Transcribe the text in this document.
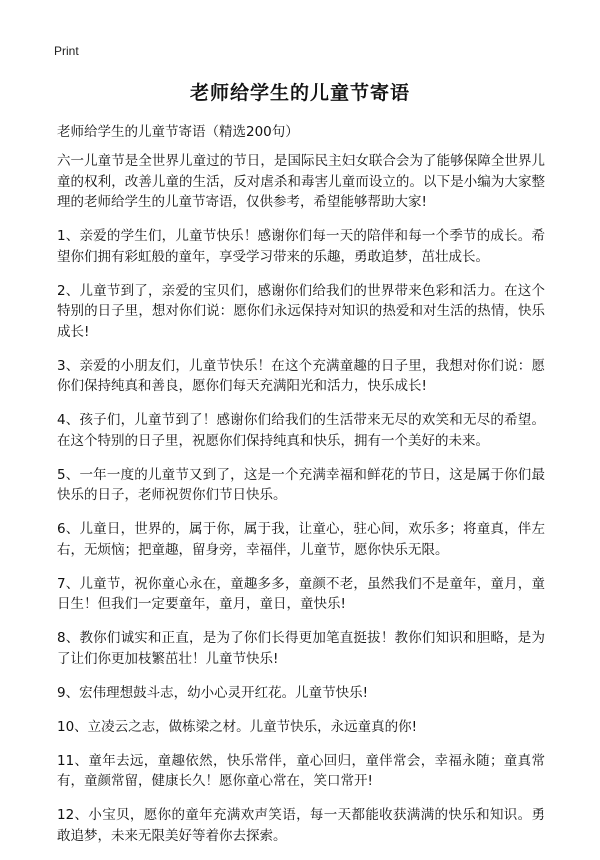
Print
老师给学生的儿童节寄语
老师给学生的儿童节寄语（精选200句）

六一儿童节是全世界儿童过的节日，是国际民主妇女联合会为了能够保障全世界儿童的权利，改善儿童的生活，反对虐杀和毒害儿童而设立的。以下是小编为大家整理的老师给学生的儿童节寄语，仅供参考，希望能够帮助大家!

1、亲爱的学生们，儿童节快乐！感谢你们每一天的陪伴和每一个季节的成长。希望你们拥有彩虹般的童年，享受学习带来的乐趣，勇敢追梦，茁壮成长。

2、儿童节到了，亲爱的宝贝们，感谢你们给我们的世界带来色彩和活力。在这个特别的日子里，想对你们说：愿你们永远保持对知识的热爱和对生活的热情，快乐成长!

3、亲爱的小朋友们，儿童节快乐！在这个充满童趣的日子里，我想对你们说：愿你们保持纯真和善良，愿你们每天充满阳光和活力，快乐成长!

4、孩子们，儿童节到了！感谢你们给我们的生活带来无尽的欢笑和无尽的希望。在这个特别的日子里，祝愿你们保持纯真和快乐，拥有一个美好的未来。

5、一年一度的儿童节又到了，这是一个充满幸福和鲜花的节日，这是属于你们最快乐的日子，老师祝贺你们节日快乐。

6、儿童日，世界的，属于你，属于我，让童心，驻心间，欢乐多；将童真，伴左右，无烦恼；把童趣，留身旁，幸福伴，儿童节，愿你快乐无限。

7、儿童节，祝你童心永在，童趣多多，童颜不老，虽然我们不是童年，童月，童日生！但我们一定要童年，童月，童日，童快乐!

8、教你们诚实和正直，是为了你们长得更加笔直挺拔！教你们知识和胆略，是为了让们你更加枝繁茁壮！儿童节快乐!

9、宏伟理想鼓斗志，幼小心灵开红花。儿童节快乐!

10、立凌云之志，做栋梁之材。儿童节快乐，永远童真的你!

11、童年去远，童趣依然，快乐常伴，童心回归，童伴常会，幸福永随；童真常有，童颜常留，健康长久！愿你童心常在，笑口常开!

12、小宝贝，愿你的童年充满欢声笑语，每一天都能收获满满的快乐和知识。勇敢追梦，未来无限美好等着你去探索。
